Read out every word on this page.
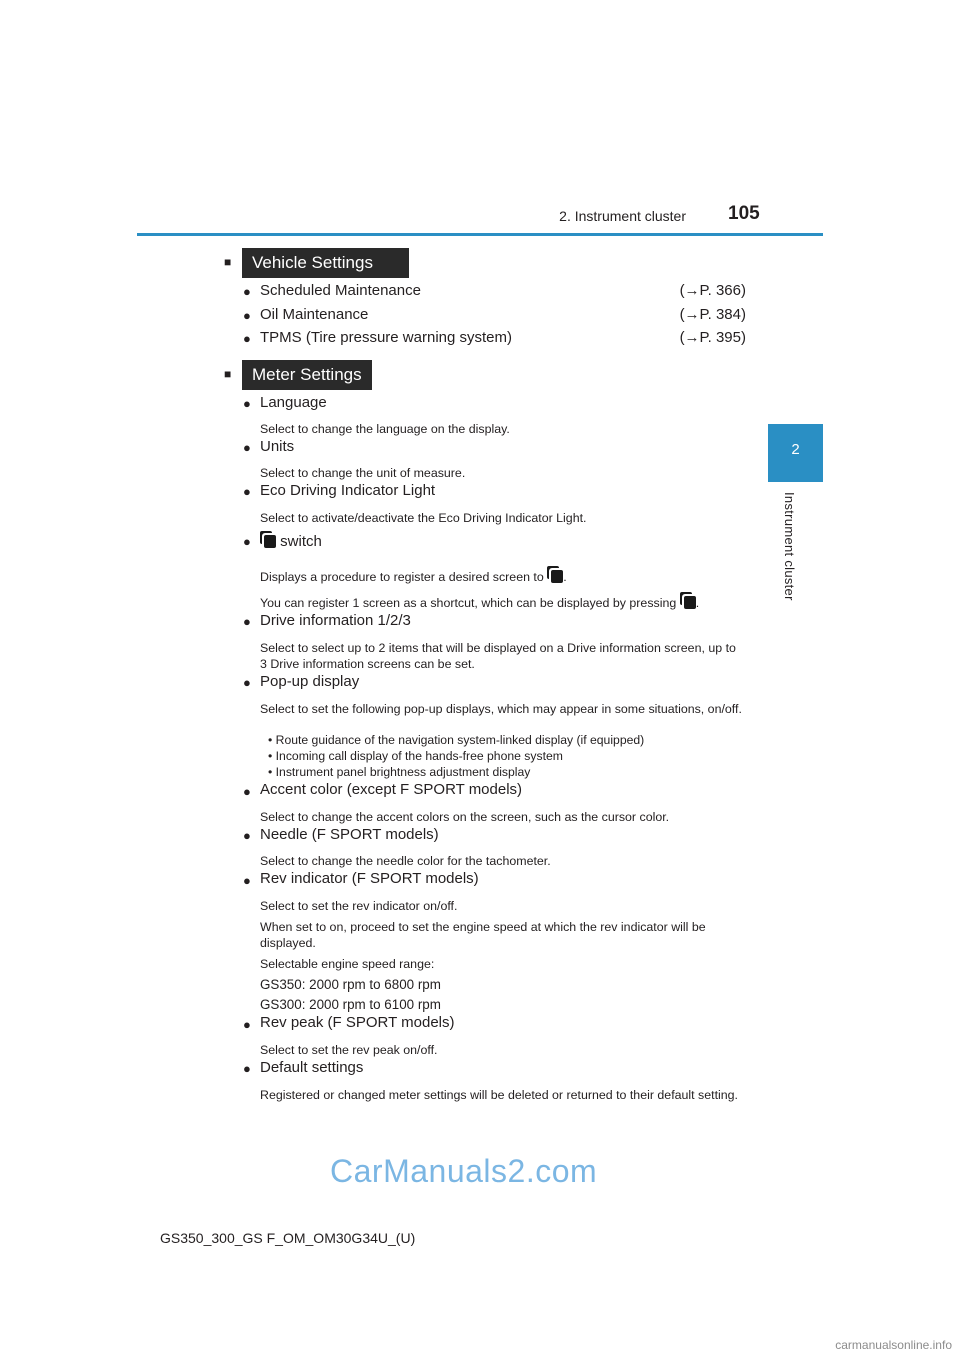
2. Instrument cluster 105
2
Instrument cluster
■	Vehicle Settings
● Scheduled Maintenance	(→P. 366)
● Oil Maintenance	(→P. 384)
● TPMS (Tire pressure warning system)	(→P. 395)
■	Meter Settings
● Language
Select to change the language on the display.
● Units
Select to change the unit of measure.
● Eco Driving Indicator Light
Select to activate/deactivate the Eco Driving Indicator Light.
●	switch
Displays a procedure to register a desired screen to .
You can register 1 screen as a shortcut, which can be displayed by pressing .
● Drive information 1/2/3
Select to select up to 2 items that will be displayed on a Drive information screen, up to 3 Drive information screens can be set.
● Pop-up display
Select to set the following pop-up displays, which may appear in some situations, on/off.
• Route guidance of the navigation system-linked display (if equipped)
• Incoming call display of the hands-free phone system
• Instrument panel brightness adjustment display
● Accent color (except F SPORT models)
Select to change the accent colors on the screen, such as the cursor color.
● Needle (F SPORT models)
Select to change the needle color for the tachometer.
● Rev indicator (F SPORT models)
Select to set the rev indicator on/off.
When set to on, proceed to set the engine speed at which the rev indicator will be displayed.
Selectable engine speed range:
GS350: 2000 rpm to 6800 rpm
GS300: 2000 rpm to 6100 rpm
● Rev peak (F SPORT models)
Select to set the rev peak on/off.
● Default settings
Registered or changed meter settings will be deleted or returned to their default setting.
CarManuals2.com
GS350_300_GS F_OM_OM30G34U_(U)
carmanualsonline.info
